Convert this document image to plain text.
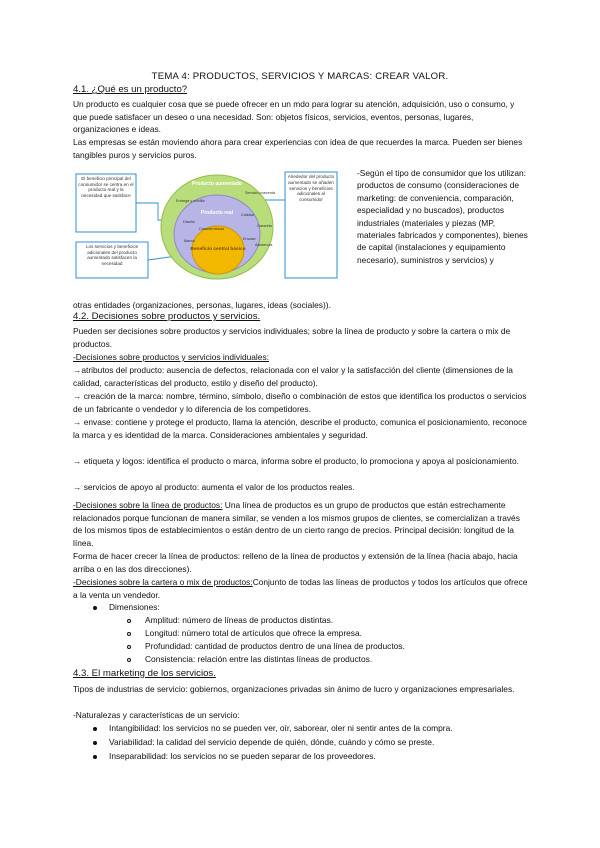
TEMA 4: PRODUCTOS, SERVICIOS Y MARCAS: CREAR VALOR.
4.1. ¿Qué es un producto?

Un producto es cualquier cosa que se puede ofrecer en un mdo para lograr su atención, adquisición, uso o consumo, y que puede satisfacer un deseo o una necesidad. Son: objetos físicos, servicios, eventos, personas, lugares, organizaciones e ideas.

Las empresas se están moviendo ahora para crear experiencias con idea de que recuerdes la marca. Pueden ser bienes tangibles puros y servicios puros.

El beneficio principal del consumidor se centra en el producto real y la necesidad que satisface
Los servicios y beneficios adicionales del producto aumentado satisfacen la necesidad
Alrededor del producto aumentado se añaden servicios y beneficios adicionales al consumidor
Producto aumentado
Producto real
Beneficio central básico
Entrega y crédito
Servicio posventa
Garantía
Asistencia
Diseño
Calidad
Marca	Envase
Características
-Según el tipo de consumidor que los utilizan: productos de consumo (consideraciones de marketing: de conveniencia, comparación, especialidad y no buscados), productos industriales (materiales y piezas (MP, materiales fabricados y componentes), bienes de capital (instalaciones y equipamiento necesario), suministros y servicios) y

otras entidades (organizaciones, personas, lugares, ideas (sociales)).

4.2. Decisiones sobre productos y servicios.

Pueden ser decisiones sobre productos y servicios individuales; sobre la línea de producto y sobre la cartera o mix de productos.

-Decisiones sobre productos y servicios individuales:

→atributos del producto: ausencia de defectos, relacionada con el valor y la satisfacción del cliente (dimensiones de la calidad, características del producto, estilo y diseño del producto).

→ creación de la marca: nombre, término, símbolo, diseño o combinación de estos que identifica los productos o servicios de un fabricante o vendedor y lo diferencia de los competidores.

→ envase: contiene y protege el producto, llama la atención, describe el producto, comunica el posicionamiento, reconoce la marca y es identidad de la marca. Consideraciones ambientales y seguridad.

→ etiqueta y logos: identifica el producto o marca, informa sobre el producto, lo promociona y apoya al posicionamiento.

→ servicios de apoyo al producto: aumenta el valor de los productos reales.

-Decisiones sobre la línea de productos: Una línea de productos es un grupo de productos que están estrechamente relacionados porque funcionan de manera similar, se venden a los mismos grupos de clientes, se comercializan a través de los mismos tipos de establecimientos o están dentro de un cierto rango de precios. Principal decisión: longitud de la línea.

Forma de hacer crecer la línea de productos: relleno de la línea de productos y extensión de la línea (hacia abajo, hacia arriba o en las dos direcciones).

-Decisiones sobre la cartera o mix de productos:Conjunto de todas las líneas de productos y todos los artículos que ofrece a la venta un vendedor.

Dimensiones:
Amplitud: número de líneas de productos distintas.
Longitud: número total de artículos que ofrece la empresa.
Profundidad: cantidad de productos dentro de una línea de productos.
Consistencia: relación entre las distintas líneas de productos.
4.3. El marketing de los servicios.

Tipos de industrias de servicio: gobiernos, organizaciones privadas sin ánimo de lucro y organizaciones empresariales.

-Naturalezas y características de un servicio:

Intangibilidad: los servicios no se pueden ver, oír, saborear, oler ni sentir antes de la compra.
Variabilidad: la calidad del servicio depende de quién, dónde, cuándo y cómo se preste.
Inseparabilidad: los servicios no se pueden separar de los proveedores.
